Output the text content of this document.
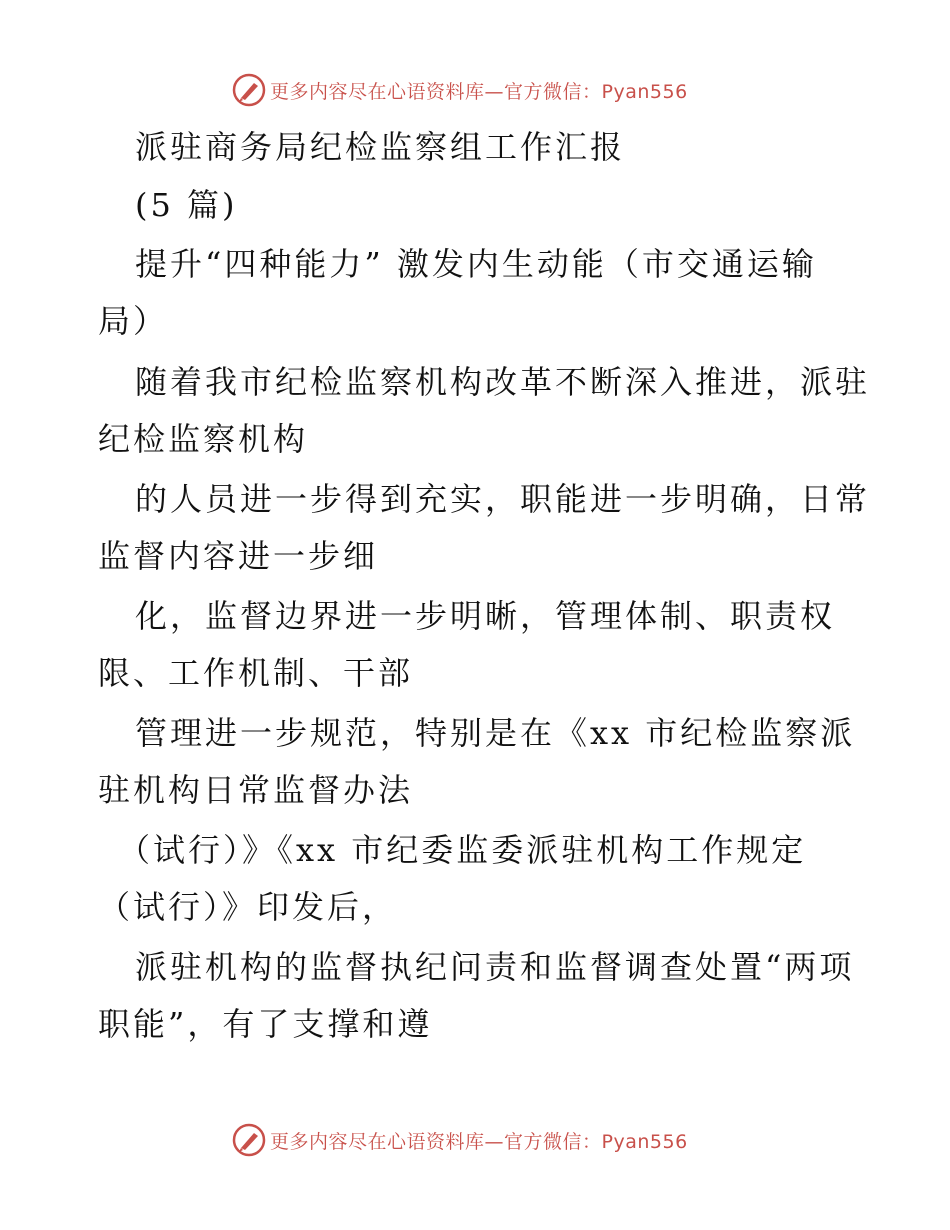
更多内容尽在心语资料库—官方微信：Pyan556
派驻商务局纪检监察组工作汇报
(5 篇)
提升“四种能力” 激发内生动能（市交通运输
局）
随着我市纪检监察机构改革不断深入推进，派驻
纪检监察机构
的人员进一步得到充实，职能进一步明确，日常
监督内容进一步细
化，监督边界进一步明晰，管理体制、职责权
限、工作机制、干部
管理进一步规范，特别是在《xx 市纪检监察派
驻机构日常监督办法
（试行）》《xx 市纪委监委派驻机构工作规定
（试行）》印发后，
派驻机构的监督执纪问责和监督调查处置“两项
职能”，有了支撑和遵
更多内容尽在心语资料库—官方微信：Pyan556
